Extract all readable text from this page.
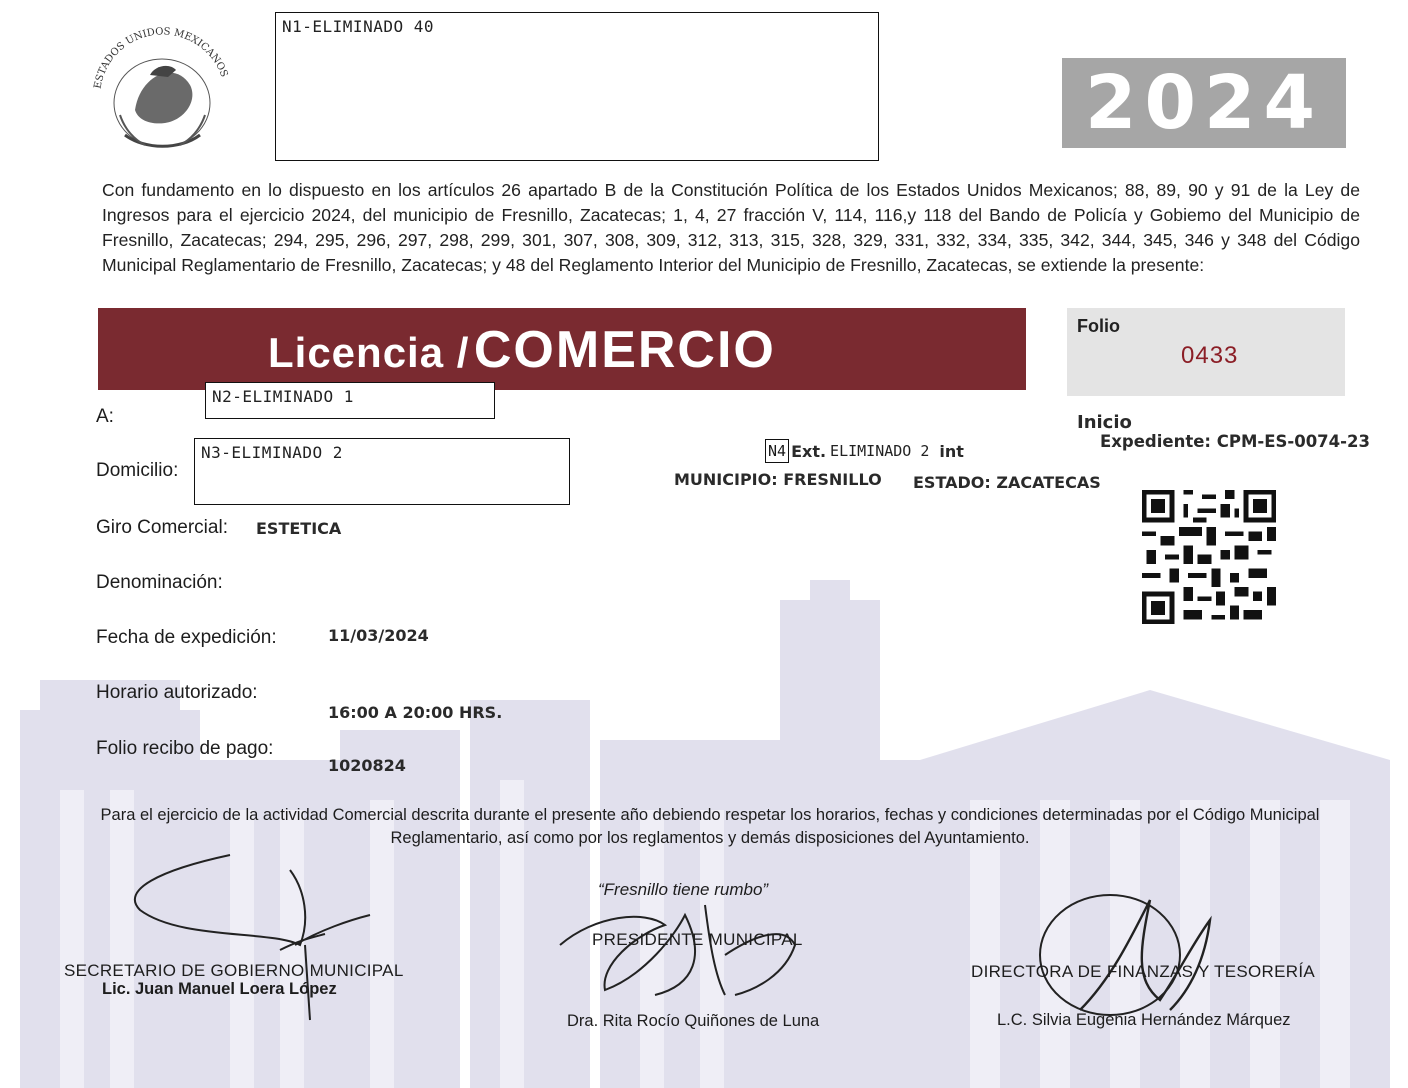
ESTADOS UNIDOS MEXICANOS
N1-ELIMINADO 40
2024
Con fundamento en lo dispuesto en los artículos 26 apartado B de la Constitución Política de los Estados Unidos Mexicanos; 88, 89, 90 y 91 de la Ley de Ingresos para el ejercicio 2024, del municipio de Fresnillo, Zacatecas; 1, 4, 27 fracción V, 114, 116,y 118 del Bando de Policía y Gobiemo del Municipio de Fresnillo, Zacatecas; 294, 295, 296, 297, 298, 299, 301, 307, 308, 309, 312, 313, 315, 328, 329, 331, 332, 334, 335, 342, 344, 345, 346 y 348 del Código Municipal Reglamentario de Fresnillo, Zacatecas; y 48 del Reglamento Interior del Municipio de Fresnillo, Zacatecas, se extiende la presente:
Licencia / COMERCIO	Folio
0433
Inicio
Expediente: CPM-ES-0074-23
A:
N2-ELIMINADO 1
Domicilio:
N3-ELIMINADO 2	N4 Ext. ELIMINADO 2 int
MUNICIPIO: FRESNILLO ESTADO: ZACATECAS
Giro Comercial: ESTETICA
Denominación:
Fecha de expedición:	11/03/2024
Horario autorizado:
16:00 A 20:00 HRS.
Folio recibo de pago:
1020824
Para el ejercicio de la actividad Comercial descrita durante el presente año debiendo respetar los horarios, fechas y condiciones determinadas por el Código Municipal Reglamentario, así como por los reglamentos y demás disposiciones del Ayuntamiento.
“Fresnillo tiene rumbo”
SECRETARIO DE GOBIERNO MUNICIPAL
Lic. Juan Manuel Loera López
PRESIDENTE MUNICIPAL
Dra. Rita Rocío Quiñones de Luna
DIRECTORA DE FINANZAS Y TESORERÍA
L.C. Silvia Eugenia Hernández Márquez
